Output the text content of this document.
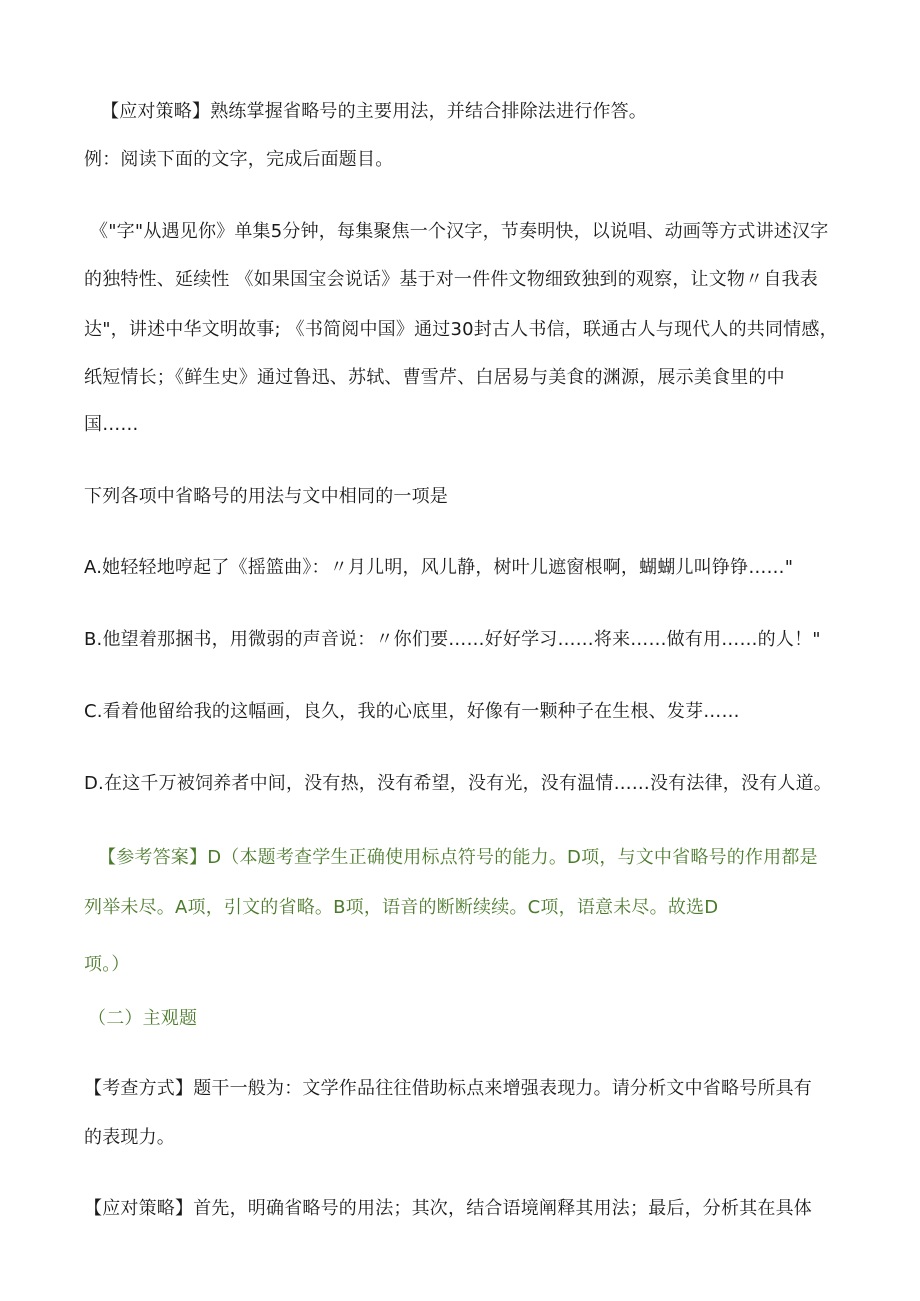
【应对策略】熟练掌握省略号的主要用法，并结合排除法进行作答。
例：阅读下面的文字，完成后面题目。
《"字"从遇见你》单集5分钟，每集聚焦一个汉字，节奏明快，以说唱、动画等方式讲述汉字
的独特性、延续性 《如果国宝会说话》基于对一件件文物细致独到的观察，让文物〃自我表
达"，讲述中华文明故事; 《书简阅中国》通过30封古人书信，联通古人与现代人的共同情感，
纸短情长；《鲜生史》通过鲁迅、苏轼、曹雪芹、白居易与美食的渊源，展示美食里的中
国……
下列各项中省略号的用法与文中相同的一项是
A.她轻轻地哼起了《摇篮曲》：〃月儿明，风儿静，树叶儿遮窗根啊，蝴蝴儿叫铮铮……"
B.他望着那捆书，用微弱的声音说：〃你们要……好好学习……将来……做有用……的人！"
C.看着他留给我的这幅画，良久，我的心底里，好像有一颗种子在生根、发芽……
D.在这千万被饲养者中间，没有热，没有希望，没有光，没有温情……没有法律，没有人道。
【参考答案】D（本题考查学生正确使用标点符号的能力。D项，与文中省略号的作用都是
列举未尽。A项，引文的省略。B项，语音的断断续续。C项，语意未尽。故选D
项。）
（二）主观题
【考查方式】题干一般为：文学作品往往借助标点来增强表现力。请分析文中省略号所具有
的表现力。
【应对策略】首先，明确省略号的用法；其次，结合语境阐释其用法；最后，分析其在具体
